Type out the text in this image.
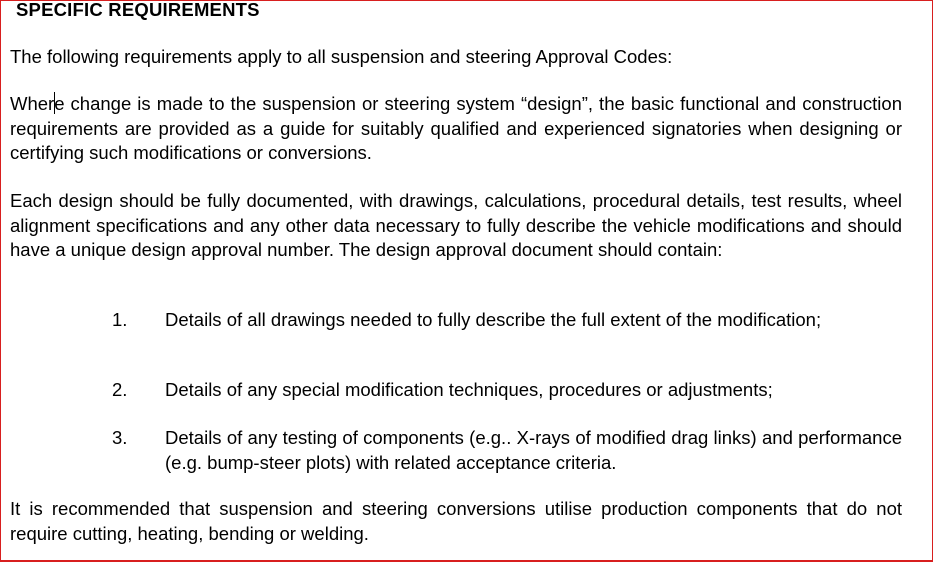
SPECIFIC REQUIREMENTS

The following requirements apply to all suspension and steering Approval Codes:

Where change is made to the suspension or steering system “design”, the basic functional and construction requirements are provided as a guide for suitably qualified and experienced signatories when designing or certifying such modifications or conversions.

Each design should be fully documented, with drawings, calculations, procedural details, test results, wheel alignment specifications and any other data necessary to fully describe the vehicle modifications and should have a unique design approval number. The design approval document should contain:

1. Details of all drawings needed to fully describe the full extent of the modification;

2. Details of any special modification techniques, procedures or adjustments;

3. Details of any testing of components (e.g.. X-rays of modified drag links) and performance (e.g. bump-steer plots) with related acceptance criteria.

It is recommended that suspension and steering conversions utilise production components that do not require cutting, heating, bending or welding.
